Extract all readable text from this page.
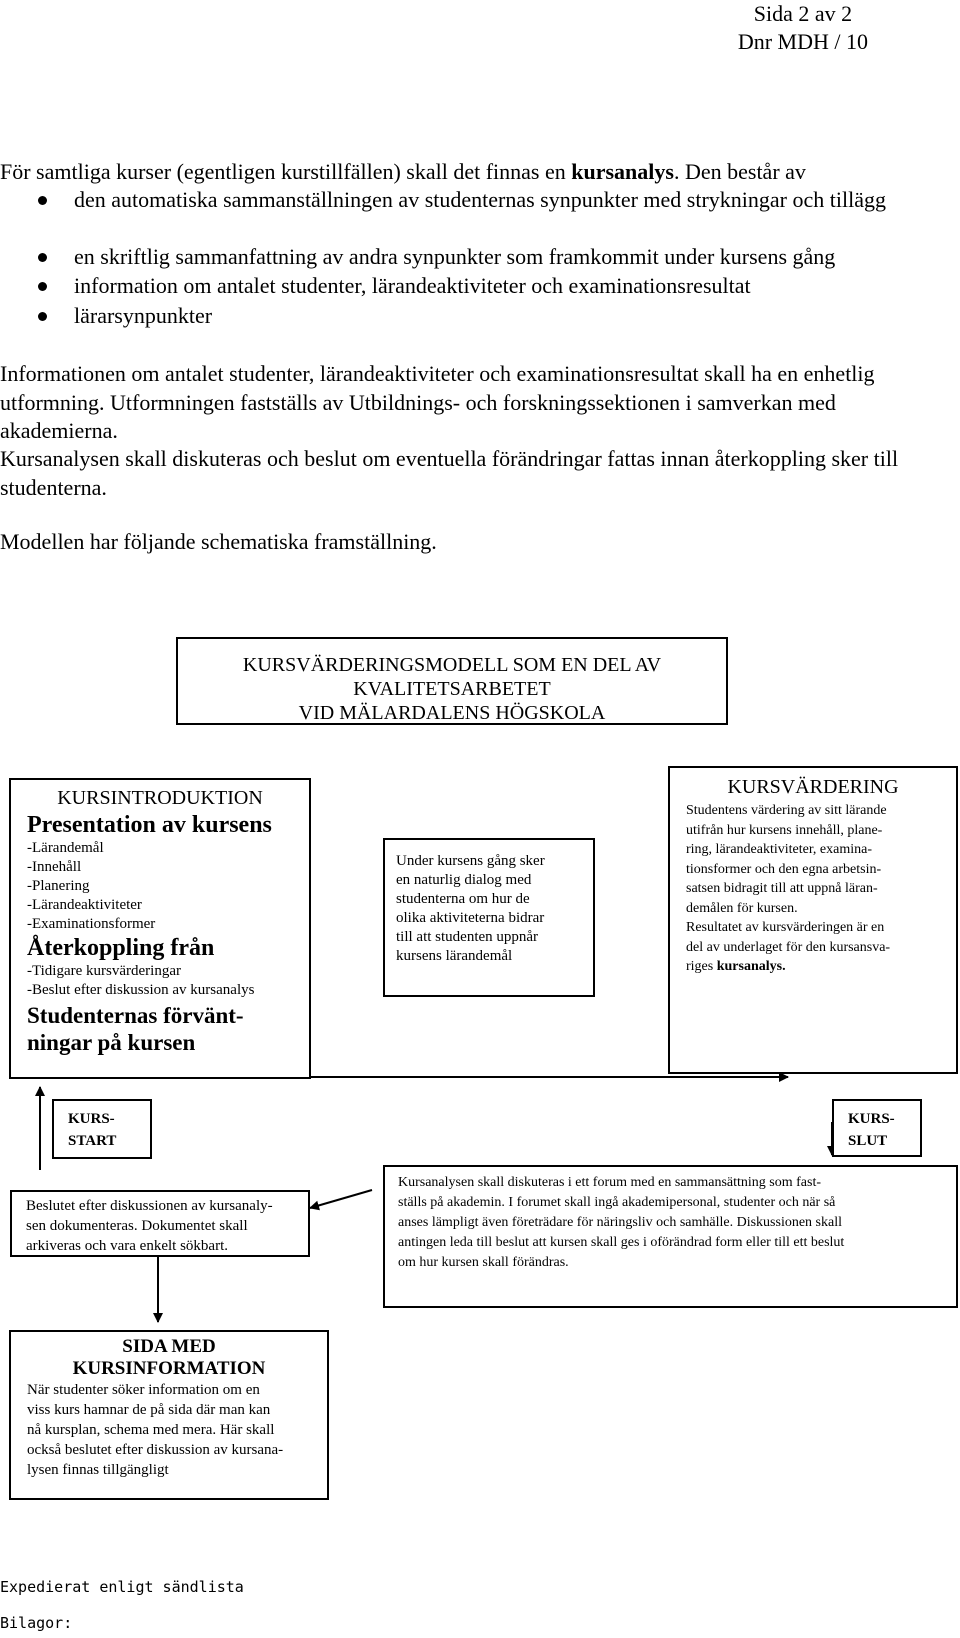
Sida 2 av 2
Dnr MDH / 10
För samtliga kurser (egentligen kurstillfällen) skall det finnas en kursanalys. Den består av
den automatiska sammanställningen av studenternas synpunkter med strykningar och tillägg
en skriftlig sammanfattning av andra synpunkter som framkommit under kursens gång
information om antalet studenter, lärandeaktiviteter och examinationsresultat
lärarsynpunkter
Informationen om antalet studenter, lärandeaktiviteter och examinationsresultat skall ha en enhetlig utformning. Utformningen fastställs av Utbildnings- och forskningssektionen i samverkan med akademierna.
Kursanalysen skall diskuteras och beslut om eventuella förändringar fattas innan återkoppling sker till studenterna.
Modellen har följande schematiska framställning.
KURSVÄRDERINGSMODELL SOM EN DEL AV
KVALITETSARBETET
VID MÄLARDALENS HÖGSKOLA
KURSINTRODUKTION
Presentation av kursens
-Lärandemål
-Innehåll
-Planering
-Lärandeaktiviteter
-Examinationsformer
Återkoppling från
-Tidigare kursvärderingar
-Beslut efter diskussion av kursanalys
Studenternas förvänt-
ningar på kursen
Under kursens gång sker
en naturlig dialog med
studenterna om hur de
olika aktiviteterna bidrar
till att studenten uppnår
kursens lärandemål
KURSVÄRDERING
Studentens värdering av sitt lärande
utifrån hur kursens innehåll, plane-
ring, lärandeaktiviteter, examina-
tionsformer och den egna arbetsin-
satsen bidragit till att uppnå läran-
demålen för kursen.
Resultatet av kursvärderingen är en
del av underlaget för den kursansva-
riges kursanalys.
KURS-
START
KURS-
SLUT
Beslutet efter diskussionen av kursanaly-
sen dokumenteras. Dokumentet skall
arkiveras och vara enkelt sökbart.
Kursanalysen skall diskuteras i ett forum med en sammansättning som fast-
ställs på akademin. I forumet skall ingå akademipersonal, studenter och när så
anses lämpligt även företrädare för näringsliv och samhälle. Diskussionen skall
antingen leda till beslut att kursen skall ges i oförändrad form eller till ett beslut
om hur kursen skall förändras.
SIDA MED
KURSINFORMATION
När studenter söker information om en
viss kurs hamnar de på sida där man kan
nå kursplan, schema med mera. Här skall
också beslutet efter diskussion av kursana-
lysen finnas tillgängligt
Expedierat enligt sändlista
Bilagor:
